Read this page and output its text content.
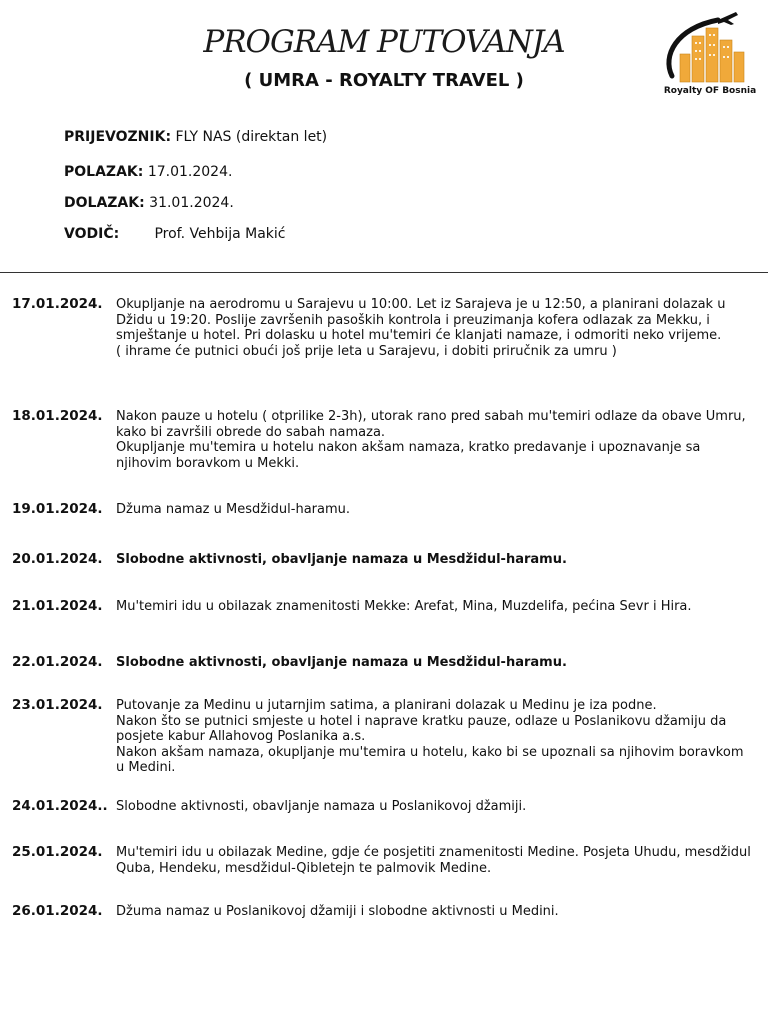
PROGRAM PUTOVANJA
( UMRA - ROYALTY TRAVEL )	Royalty OF Bosnia
PRIJEVOZNIK: FLY NAS (direktan let)
POLAZAK: 17.01.2024.
DOLAZAK: 31.01.2024.
VODIČ:	Prof. Vehbija Makić
17.01.2024. Okupljanje na aerodromu u Sarajevu u 10:00. Let iz Sarajeva je u 12:50, a planirani dolazak u Džidu u 19:20. Poslije završenih pasoških kontrola i preuzimanja kofera odlazak za Mekku, i smještanje u hotel. Pri dolasku u hotel mu'temiri će klanjati namaze, i odmoriti neko vrijeme.

( ihrame će putnici obući još prije leta u Sarajevu, i dobiti priručnik za umru )

18.01.2024. Nakon pauze u hotelu ( otprilike 2-3h), utorak rano pred sabah mu'temiri odlaze da obave Umru, kako bi završili obrede do sabah namaza.

Okupljanje mu'temira u hotelu nakon akšam namaza, kratko predavanje i upoznavanje sa njihovim boravkom u Mekki.

19.01.2024. Džuma namaz u Mesdžidul-haramu.

20.01.2024. Slobodne aktivnosti, obavljanje namaza u Mesdžidul-haramu.

21.01.2024. Mu'temiri idu u obilazak znamenitosti Mekke: Arefat, Mina, Muzdelifa, pećina Sevr i Hira.

22.01.2024. Slobodne aktivnosti, obavljanje namaza u Mesdžidul-haramu.

23.01.2024. Putovanje za Medinu u jutarnjim satima, a planirani dolazak u Medinu je iza podne.

Nakon što se putnici smjeste u hotel i naprave kratku pauze, odlaze u Poslanikovu džamiju da posjete kabur Allahovog Poslanika a.s.

Nakon akšam namaza, okupljanje mu'temira u hotelu, kako bi se upoznali sa njihovim boravkom u Medini.

24.01.2024.. Slobodne aktivnosti, obavljanje namaza u Poslanikovoj džamiji.

25.01.2024. Mu'temiri idu u obilazak Medine, gdje će posjetiti znamenitosti Medine. Posjeta Uhudu, mesdžidul Quba, Hendeku, mesdžidul-Qibletejn te palmovik Medine.

26.01.2024. Džuma namaz u Poslanikovoj džamiji i slobodne aktivnosti u Medini.
